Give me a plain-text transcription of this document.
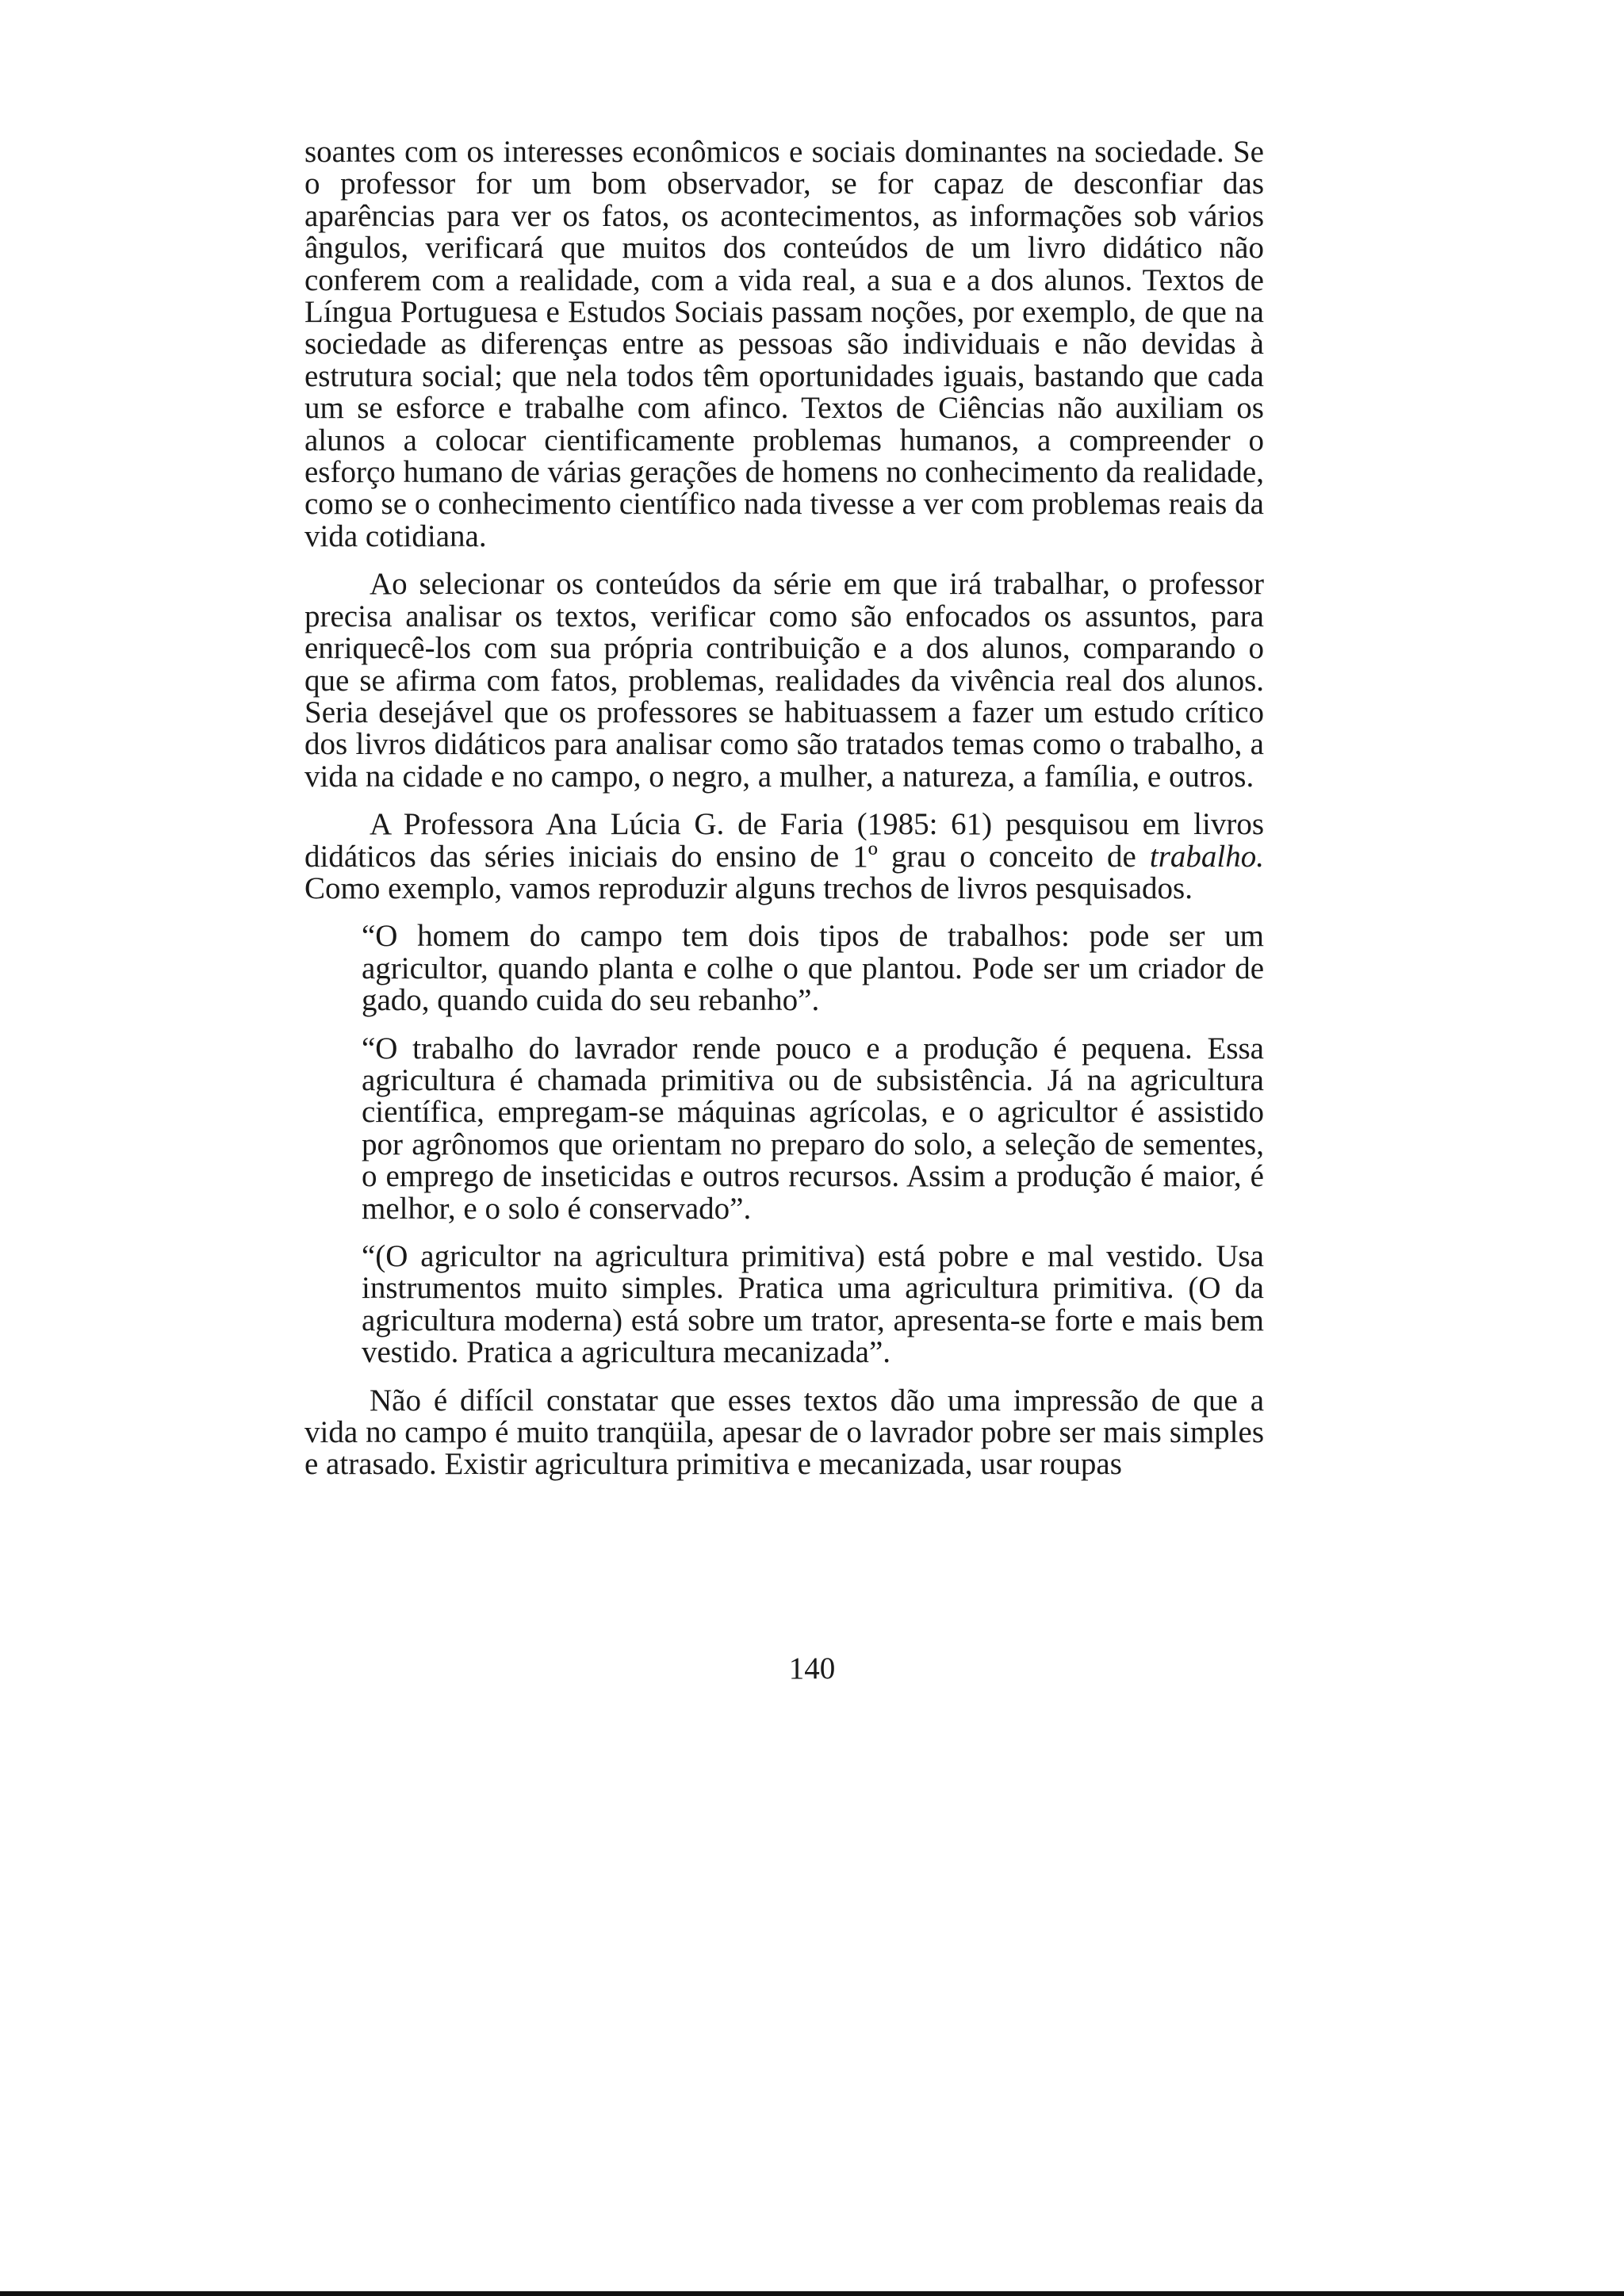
soantes com os interesses econômicos e sociais dominantes na sociedade. Se o professor for um bom observador, se for capaz de desconfiar das aparências para ver os fatos, os acontecimentos, as informações sob vários ângulos, verificará que muitos dos conteúdos de um livro didático não conferem com a realidade, com a vida real, a sua e a dos alunos. Textos de Língua Portuguesa e Estudos Sociais passam noções, por exemplo, de que na sociedade as diferenças entre as pessoas são individuais e não devidas à estrutura social; que nela todos têm oportunidades iguais, bastando que cada um se esforce e trabalhe com afinco. Textos de Ciências não auxiliam os alunos a colocar cientificamente problemas humanos, a compreender o esforço humano de várias gerações de homens no conhecimento da realidade, como se o conhecimento científico nada tivesse a ver com problemas reais da vida cotidiana.

Ao selecionar os conteúdos da série em que irá trabalhar, o professor precisa analisar os textos, verificar como são enfocados os assuntos, para enriquecê-los com sua própria contribuição e a dos alunos, comparando o que se afirma com fatos, problemas, realidades da vivência real dos alunos. Seria desejável que os professores se habituassem a fazer um estudo crítico dos livros didáticos para analisar como são tratados temas como o trabalho, a vida na cidade e no campo, o negro, a mulher, a natureza, a família, e outros.

A Professora Ana Lúcia G. de Faria (1985: 61) pesquisou em livros didáticos das séries iniciais do ensino de 1º grau o conceito de trabalho. Como exemplo, vamos reproduzir alguns trechos de livros pesquisados.

“O homem do campo tem dois tipos de trabalhos: pode ser um agricultor, quando planta e colhe o que plantou. Pode ser um criador de gado, quando cuida do seu rebanho”.

“O trabalho do lavrador rende pouco e a produção é pequena. Essa agricultura é chamada primitiva ou de subsistência. Já na agricultura científica, empregam-se máquinas agrícolas, e o agricultor é assistido por agrônomos que orientam no preparo do solo, a seleção de sementes, o emprego de inseticidas e outros recursos. Assim a produção é maior, é melhor, e o solo é conservado”.

“(O agricultor na agricultura primitiva) está pobre e mal vestido. Usa instrumentos muito simples. Pratica uma agricultura primitiva. (O da agricultura moderna) está sobre um trator, apresenta-se forte e mais bem vestido. Pratica a agricultura mecanizada”.

Não é difícil constatar que esses textos dão uma impressão de que a vida no campo é muito tranqüila, apesar de o lavrador pobre ser mais simples e atrasado. Existir agricultura primitiva e mecanizada, usar roupas

140
